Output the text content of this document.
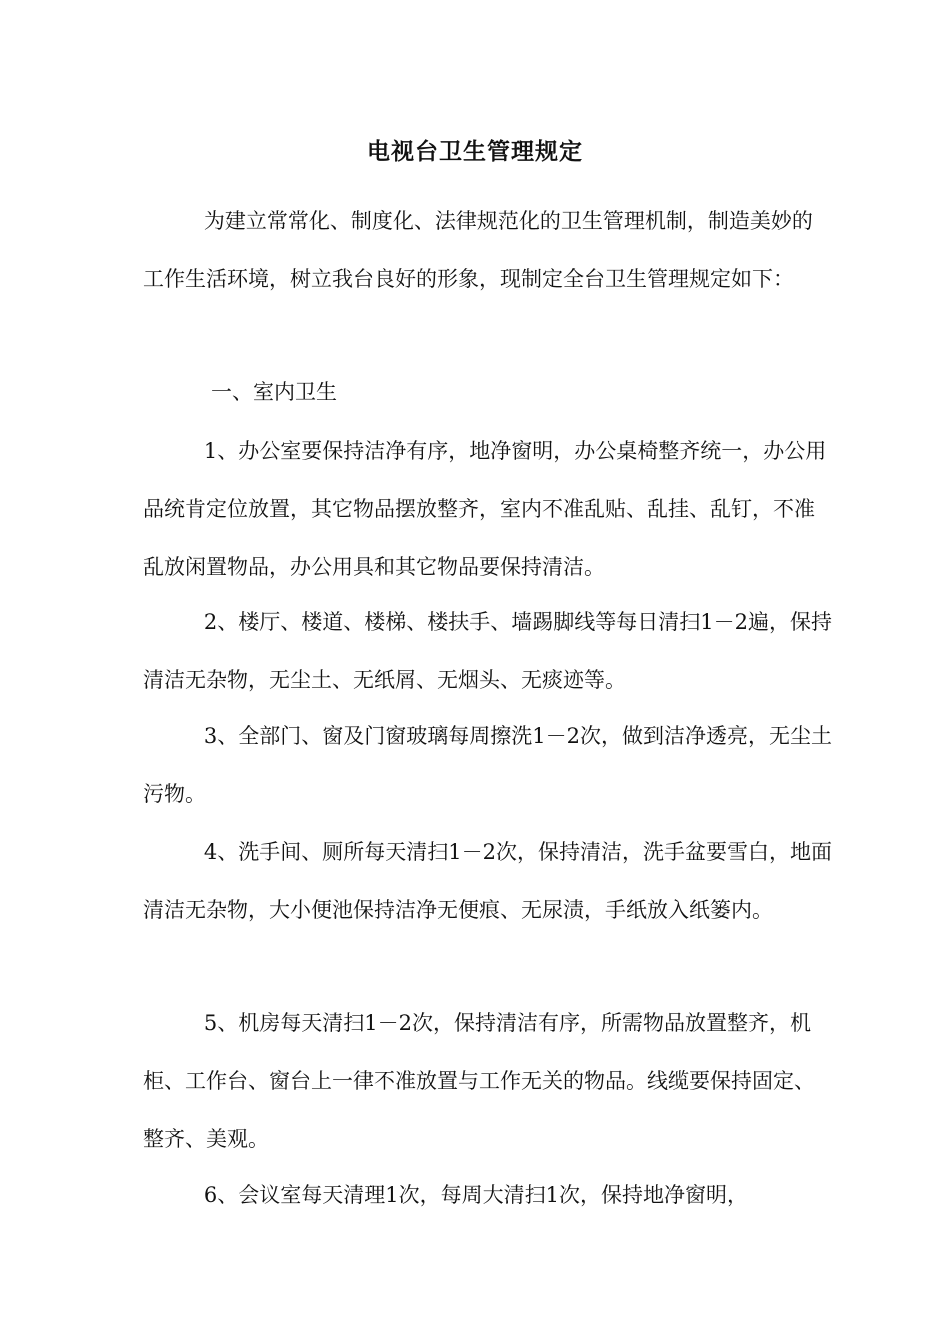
电视台卫生管理规定

为建立常常化、制度化、法律规范化的卫生管理机制，制造美妙的工作生活环境，树立我台良好的形象，现制定全台卫生管理规定如下：

一、室内卫生

1、办公室要保持洁净有序，地净窗明，办公桌椅整齐统一，办公用品统肯定位放置，其它物品摆放整齐，室内不准乱贴、乱挂、乱钉，不准乱放闲置物品，办公用具和其它物品要保持清洁。

2、楼厅、楼道、楼梯、楼扶手、墙踢脚线等每日清扫1－2遍，保持清洁无杂物，无尘土、无纸屑、无烟头、无痰迹等。

3、全部门、窗及门窗玻璃每周擦洗1－2次，做到洁净透亮，无尘土污物。

4、洗手间、厕所每天清扫1－2次，保持清洁，洗手盆要雪白，地面清洁无杂物，大小便池保持洁净无便痕、无尿渍，手纸放入纸篓内。

5、机房每天清扫1－2次，保持清洁有序，所需物品放置整齐，机柜、工作台、窗台上一律不准放置与工作无关的物品。线缆要保持固定、整齐、美观。

6、会议室每天清理1次，每周大清扫1次，保持地净窗明，
